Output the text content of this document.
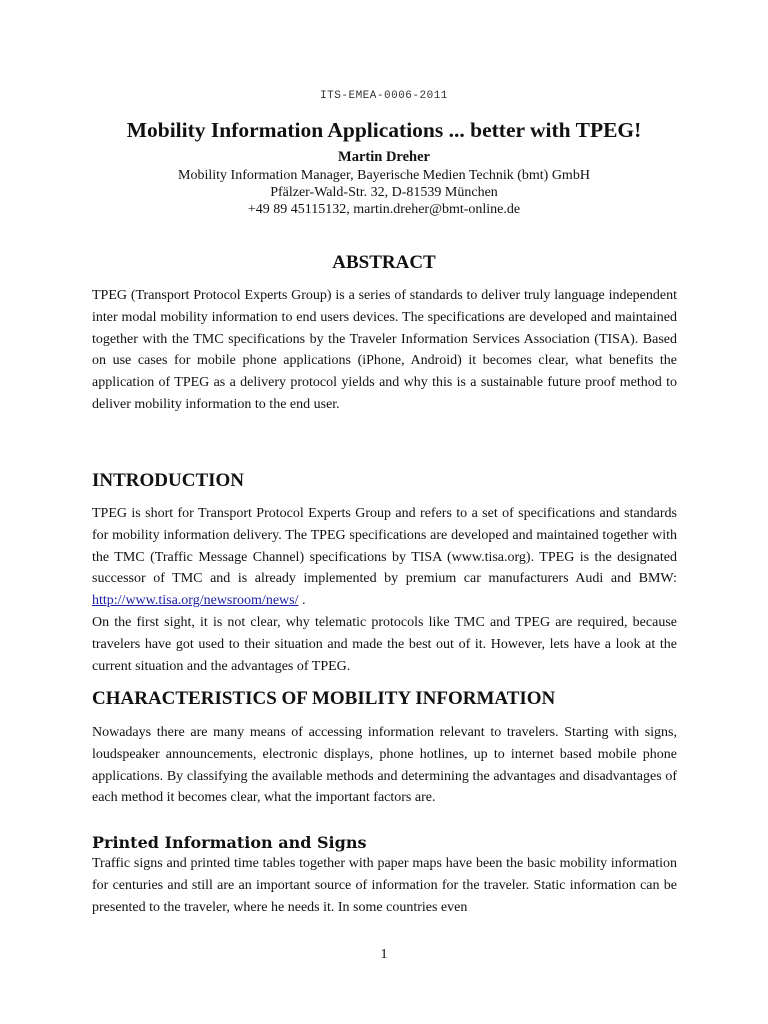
ITS-EMEA-0006-2011
Mobility Information Applications ... better with TPEG!
Martin Dreher
Mobility Information Manager, Bayerische Medien Technik (bmt) GmbH
Pfälzer-Wald-Str. 32, D-81539 München
+49 89 45115132, martin.dreher@bmt-online.de
ABSTRACT

TPEG (Transport Protocol Experts Group) is a series of standards to deliver truly language independent inter modal mobility information to end users devices. The specifications are developed and maintained together with the TMC specifications by the Traveler Information Services Association (TISA). Based on use cases for mobile phone applications (iPhone, Android) it becomes clear, what benefits the application of TPEG as a delivery protocol yields and why this is a sustainable future proof method to deliver mobility information to the end user.

INTRODUCTION

TPEG is short for Transport Protocol Experts Group and refers to a set of specifications and standards for mobility information delivery. The TPEG specifications are developed and maintained together with the TMC (Traffic Message Channel) specifications by TISA (www.tisa.org). TPEG is the designated successor of TMC and is already implemented by premium car manufacturers Audi and BMW: http://www.tisa.org/newsroom/news/ .

On the first sight, it is not clear, why telematic protocols like TMC and TPEG are required, because travelers have got used to their situation and made the best out of it. However, lets have a look at the current situation and the advantages of TPEG.

CHARACTERISTICS OF MOBILITY INFORMATION

Nowadays there are many means of accessing information relevant to travelers. Starting with signs, loudspeaker announcements, electronic displays, phone hotlines, up to internet based mobile phone applications. By classifying the available methods and determining the advantages and disadvantages of each method it becomes clear, what the important factors are.

Printed Information and Signs

Traffic signs and printed time tables together with paper maps have been the basic mobility information for centuries and still are an important source of information for the traveler. Static information can be presented to the traveler, where he needs it. In some countries even

1
